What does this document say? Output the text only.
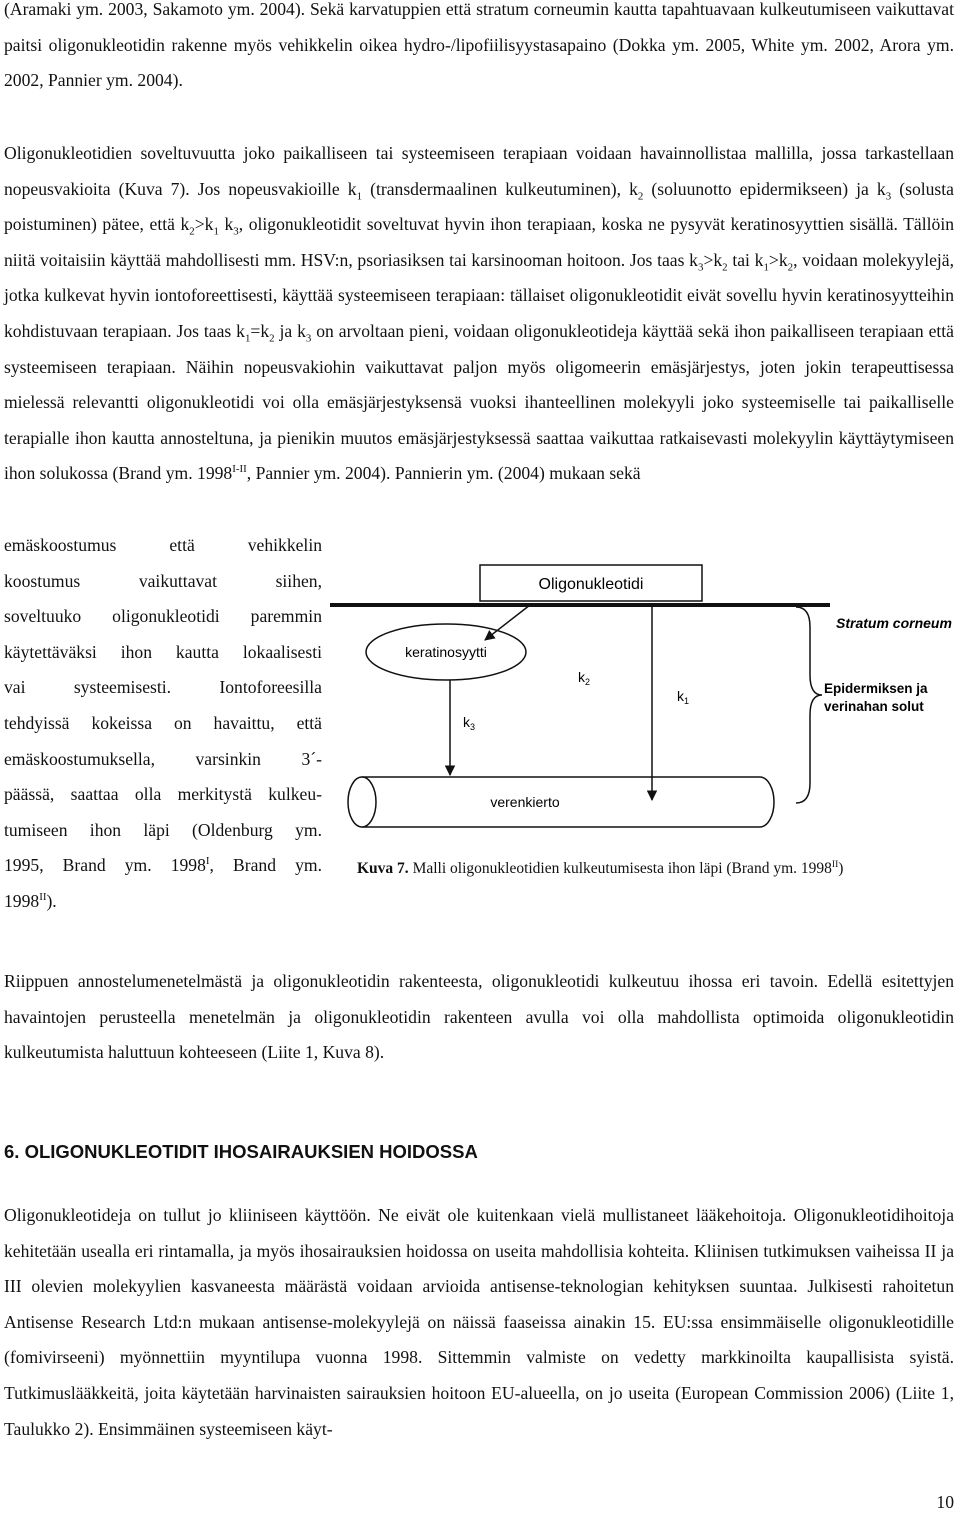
(Aramaki ym. 2003, Sakamoto ym. 2004). Sekä karvatuppien että stratum corneumin kautta tapahtuavaan kulkeutumiseen vaikuttavat paitsi oligonukleotidin rakenne myös vehikkelin oikea hydro-/lipofiilisyystasapaino (Dokka ym. 2005, White ym. 2002, Arora ym. 2002, Pannier ym. 2004).

Oligonukleotidien soveltuvuutta joko paikalliseen tai systeemiseen terapiaan voidaan havainnollistaa mallilla, jossa tarkastellaan nopeusvakioita (Kuva 7). Jos nopeusvakioille $k_1$ (transdermaalinen kulkeutuminen), $k_2$ (soluunotto epidermikseen) ja $k_3$ (solusta poistuminen) pätee, että $k_2>k_1$ $k_3$, oligonukleotidit soveltuvat hyvin ihon terapiaan, koska ne pysyvät keratinosyyttien sisällä. Tällöin niitä voitaisiin käyttää mahdollisesti mm. HSV:n, psoriasiksen tai karsinooman hoitoon. Jos taas $k_3>k_2$ tai $k_1>k_2$, voidaan molekyylejä, jotka kulkevat hyvin iontoforeettisesti, käyttää systeemiseen terapiaan: tällaiset oligonukleotidit eivät sovellu hyvin keratinosyytteihin kohdistuvaan terapiaan. Jos taas $k_1=k_2$ ja $k_3$ on arvoltaan pieni, voidaan oligonukleotideja käyttää sekä ihon paikalliseen terapiaan että systeemiseen terapiaan. Näihin nopeusvakiohin vaikuttavat paljon myös oligomeerin emäsjärjestys, joten jokin terapeuttisessa mielessä relevantti oligonukleotidi voi olla emäsjärjestyksensä vuoksi ihanteellinen molekyyli joko systeemiselle tai paikalliselle terapialle ihon kautta annosteltuna, ja pienikin muutos emäsjärjestyksessä saattaa vaikuttaa ratkaisevasti molekyylin käyttäytymiseen ihon solukossa (Brand ym. $1998^{I-II}$, Pannier ym. 2004). Pannierin ym. (2004) mukaan sekä

emäskoostumus että vehikkelin
koostumus vaikuttavat siihen,
soveltuuko oligonukleotidi paremmin
käytettäväksi ihon kautta lokaalisesti
vai systeemisesti. Iontoforeesilla
tehdyissä kokeissa on havaittu, että
emäskoostumuksella, varsinkin 3´-
päässä, saattaa olla merkitystä kulkeu-
tumiseen ihon läpi (Oldenburg ym.
1995, Brand ym. $1998^I$, Brand ym.
$1998^{II}$).
Oligonukleotidi
Stratum corneum
keratinosyytti
$k_3$
$k_2$
$k_1$
Epidermiksen ja verinahan solut
verenkierto
Kuva 7. Malli oligonukleotidien kulkeutumisesta ihon läpi (Brand ym. $1998^{II}$)

Riippuen annostelumenetelmästä ja oligonukleotidin rakenteesta, oligonukleotidi kulkeutuu ihossa eri tavoin. Edellä esitettyjen havaintojen perusteella menetelmän ja oligonukleotidin rakenteen avulla voi olla mahdollista optimoida oligonukleotidin kulkeutumista haluttuun kohteeseen (Liite 1, Kuva 8).

6. OLIGONUKLEOTIDIT IHOSAIRAUKSIEN HOIDOSSA

Oligonukleotideja on tullut jo kliiniseen käyttöön. Ne eivät ole kuitenkaan vielä mullistaneet lääkehoitoja. Oligonukleotidihoitoja kehitetään usealla eri rintamalla, ja myös ihosairauksien hoidossa on useita mahdollisia kohteita. Kliinisen tutkimuksen vaiheissa II ja III olevien molekyylien kasvaneesta määrästä voidaan arvioida antisense-teknologian kehityksen suuntaa. Julkisesti rahoitetun Antisense Research Ltd:n mukaan antisense-molekyylejä on näissä faaseissa ainakin 15. EU:ssa ensimmäiselle oligonukleotidille (fomivirseeni) myönnettiin myyntilupa vuonna 1998. Sittemmin valmiste on vedetty markkinoilta kaupallisista syistä. Tutkimuslääkkeitä, joita käytetään harvinaisten sairauksien hoitoon EU-alueella, on jo useita (European Commission 2006) (Liite 1, Taulukko 2). Ensimmäinen systeemiseen käyt-

10
